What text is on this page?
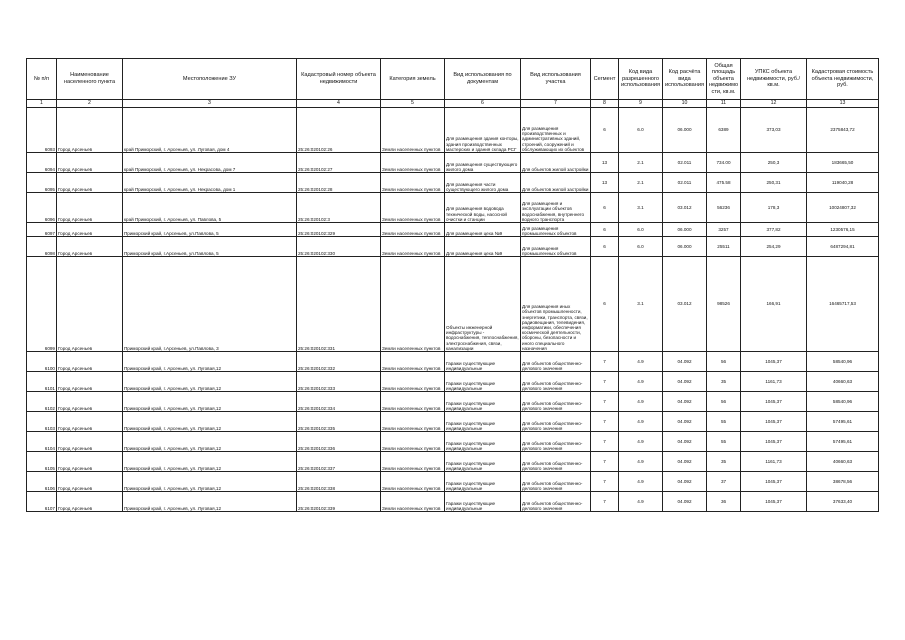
№ п/п	Наименование населенного пункта	Местоположение ЗУ	Кадастровый номер объекта недвижимости	Категория земель	Вид использования по документам	Вид использования участка	Сегмент	Код вида разрешенного использования	Код расчёта вида использования	Общая площадь объекта недвижимости, кв.м.	УПКС объекта недвижимости, руб./кв.м.	Кадастровая стоимость объекта недвижимости, руб.
1	2	3	4	5	6	7	8	9	10	11	12	13
6093	Город Арсеньев	край Приморский, г. Арсеньев, ул. Луговая, дом 4	25:26:020102:26	Земли населенных пунктов	Для размещения здания конторы, здания производственных мастерских и здания склада РСГ	Для размещения производственных и административных зданий, строений, сооружений и обслуживающих их объектов	6	6.0	06.000	6389	373,03	2375843,72
6094	Город Арсеньев	край Приморский, г. Арсеньев, ул. Некрасова, дом 7	25:26:020102:27	Земли населенных пунктов	Для размещения существующего жилого дома	Для объектов жилой застройки	13	2.1	02.011	734.00	250,3	183665,50
6095	Город Арсеньев	край Приморский, г. Арсеньев, ул. Некрасова, дом 1	25:26:020102:28	Земли населенных пунктов	Для размещения части существующего жилого дома	Для объектов жилой застройки	13	2.1	02.011	475.58	250,31	119040,28
6096	Город Арсеньев	край Приморский, г. Арсеньев, ул. Павлова, 5	25:26:020102:3	Земли населенных пунктов	Для размещения водовода технической воды, насосной очистки и станции	Для размещения и эксплуатации объектов водоснабжения, внутреннего водного транспорта	6	3.1	03.012	56236	178,3	10024807,32
6097	Город Арсеньев	Приморский край, г.Арсеньев, ул.Павлова, 5	25:26:020102:329	Земли населенных пунктов	Для размещения цеха №9	Для размещения промышленных объектов	6	6.0	06.000	3257	377,82	1230576,15
6098	Город Арсеньев	Приморский край, г.Арсеньев, ул.Павлова, 5	25:26:020102:330	Земли населенных пунктов	Для размещения цеха №9	Для размещения промышленных объектов	6	6.0	06.000	25511	254,29	6487294,81
6099	Город Арсеньев	Приморский край, г.Арсеньев, ул.Павлова, 3	25:26:020102:331	Земли населенных пунктов	Объекты инженерной инфраструктуры - водоснабжения, теплоснабжения, электроснабжения, связи, канализации	Для размещения иных объектов промышленности, энергетики, транспорта, связи, радиовещания, телевидения, информатики, обеспечения космической деятельности, обороны, безопасности и иного специального назначения	6	3.1	03.012	98526	166,91	16465717,53
6100	Город Арсеньев	Приморский край, г. Арсеньев, ул. Луговая,12	25:26:020102:332	Земли населенных пунктов	Гаражи существующие индивидуальные	Для объектов общественно-делового значения	7	4.9	04.092	56	1045,37	58540,96
6101	Город Арсеньев	Приморский край, г. Арсеньев, ул. Луговая,12	25:26:020102:333	Земли населенных пунктов	Гаражи существующие индивидуальные	Для объектов общественно-делового значения	7	4.9	04.092	35	1161,73	40660,63
6102	Город Арсеньев	Приморский край, г. Арсеньев, ул. Луговая,12	25:26:020102:334	Земли населенных пунктов	Гаражи существующие индивидуальные	Для объектов общественно-делового значения	7	4.9	04.092	56	1045,37	58540,96
6103	Город Арсеньев	Приморский край, г. Арсеньев, ул. Луговая,12	25:26:020102:335	Земли населенных пунктов	Гаражи существующие индивидуальные	Для объектов общественно-делового значения	7	4.9	04.092	55	1045,37	57495,61
6104	Город Арсеньев	Приморский край, г. Арсеньев, ул. Луговая,12	25:26:020102:336	Земли населенных пунктов	Гаражи существующие индивидуальные	Для объектов общественно-делового значения	7	4.9	04.092	55	1045,37	57495,61
6105	Город Арсеньев	Приморский край, г. Арсеньев, ул. Луговая,12	25:26:020102:337	Земли населенных пунктов	Гаражи существующие индивидуальные	Для объектов общественно-делового значения	7	4.9	04.092	35	1161,73	40660,63
6106	Город Арсеньев	Приморский край, г. Арсеньев, ул. Луговая,12	25:26:020102:338	Земли населенных пунктов	Гаражи существующие индивидуальные	Для объектов общественно-делового значения	7	4.9	04.092	37	1045,37	38678,56
6107	Город Арсеньев	Приморский край, г. Арсеньев, ул. Луговая,12	25:26:020102:339	Земли населенных пунктов	Гаражи существующие индивидуальные	Для объектов общественно-делового значения	7	4.9	04.092	36	1045,37	37633,40
